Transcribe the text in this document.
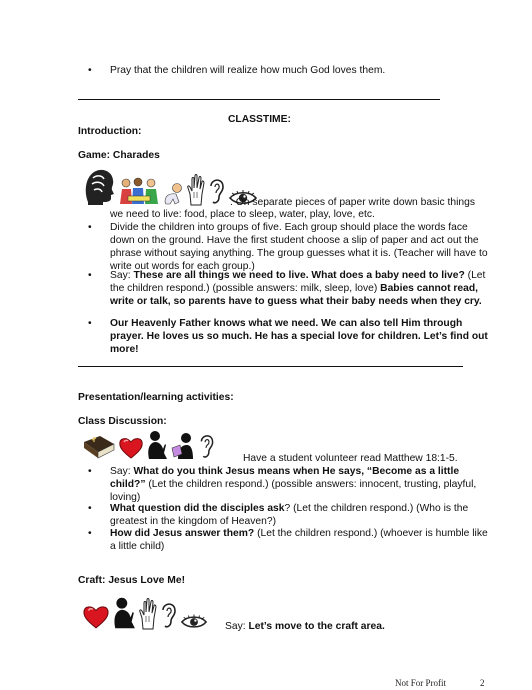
• Pray that the children will realize how much God loves them.
CLASSTIME:
Introduction:
Game: Charades
. On separate pieces of paper write down basic things
we need to live: food, place to sleep, water, play, love, etc.
• Divide the children into groups of five. Each group should place the words face down on the ground. Have the first student choose a slip of paper and act out the phrase without saying anything. The group guesses what it is. (Teacher will have to write out words for each group.)
• Say: These are all things we need to live. What does a baby need to live? (Let the children respond.) (possible answers: milk, sleep, love) Babies cannot read, write or talk, so parents have to guess what their baby needs when they cry.
• Our Heavenly Father knows what we need. We can also tell Him through prayer. He loves us so much. He has a special love for children. Let’s find out more!
Presentation/learning activities:
Class Discussion:
Have a student volunteer read Matthew 18:1-5.
• Say: What do you think Jesus means when He says, “Become as a little child?” (Let the children respond.) (possible answers: innocent, trusting, playful, loving)
• What question did the disciples ask? (Let the children respond.) (Who is the greatest in the kingdom of Heaven?)
• How did Jesus answer them? (Let the children respond.) (whoever is humble like a little child)
Craft: Jesus Love Me!
Say: Let’s move to the craft area.
Not For Profit	2
